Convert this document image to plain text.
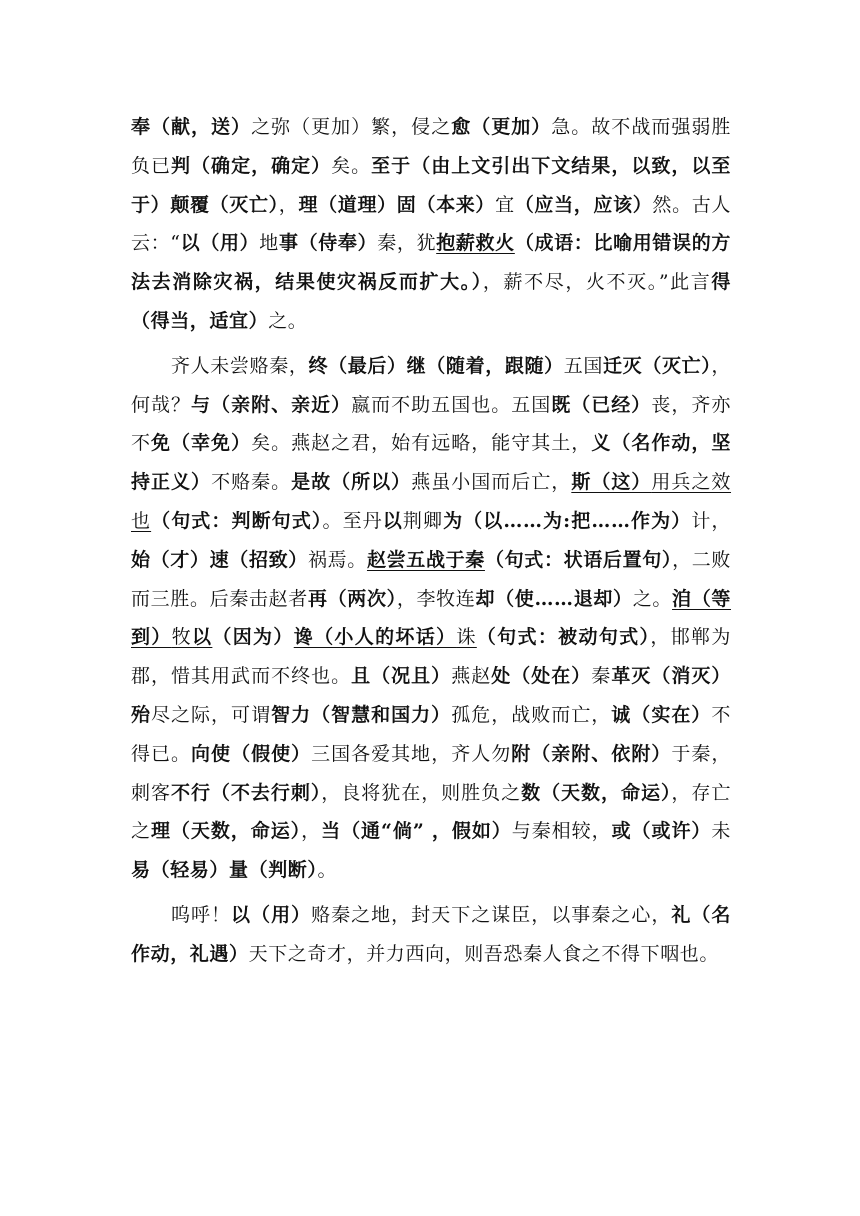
奉（献，送）之弥（更加）繁，侵之愈（更加）急。故不战而强弱胜负已判（确定，确定）矣。至于（由上文引出下文结果，以致，以至于）颠覆（灭亡），理（道理）固（本来）宜（应当，应该）然。古人云：“以（用）地事（侍奉）秦，犹抱薪救火（成语：比喻用错误的方法去消除灾祸，结果使灾祸反而扩大。），薪不尽，火不灭。”此言得（得当，适宜）之。

齐人未尝赂秦，终（最后）继（随着，跟随）五国迁灭（灭亡），何哉？与（亲附、亲近）嬴而不助五国也。五国既（已经）丧，齐亦不免（幸免）矣。燕赵之君，始有远略，能守其土，义（名作动，坚持正义）不赂秦。是故（所以）燕虽小国而后亡，斯（这）用兵之效也（句式：判断句式）。至丹以荆卿为（以……为:把……作为）计，始（才）速（招致）祸焉。赵尝五战于秦（句式：状语后置句），二败而三胜。后秦击赵者再（两次），李牧连却（使……退却）之。洎（等到）牧以（因为）谗（小人的坏话）诛（句式：被动句式），邯郸为郡，惜其用武而不终也。且（况且）燕赵处（处在）秦革灭（消灭）殆尽之际，可谓智力（智慧和国力）孤危，战败而亡，诚（实在）不得已。向使（假使）三国各爱其地，齐人勿附（亲附、依附）于秦，刺客不行（不去行刺），良将犹在，则胜负之数（天数，命运），存亡之理（天数，命运），当（通“倘” ，假如）与秦相较，或（或许）未易（轻易）量（判断）。

呜呼！以（用）赂秦之地，封天下之谋臣，以事秦之心，礼（名作动，礼遇）天下之奇才，并力西向，则吾恐秦人食之不得下咽也。
